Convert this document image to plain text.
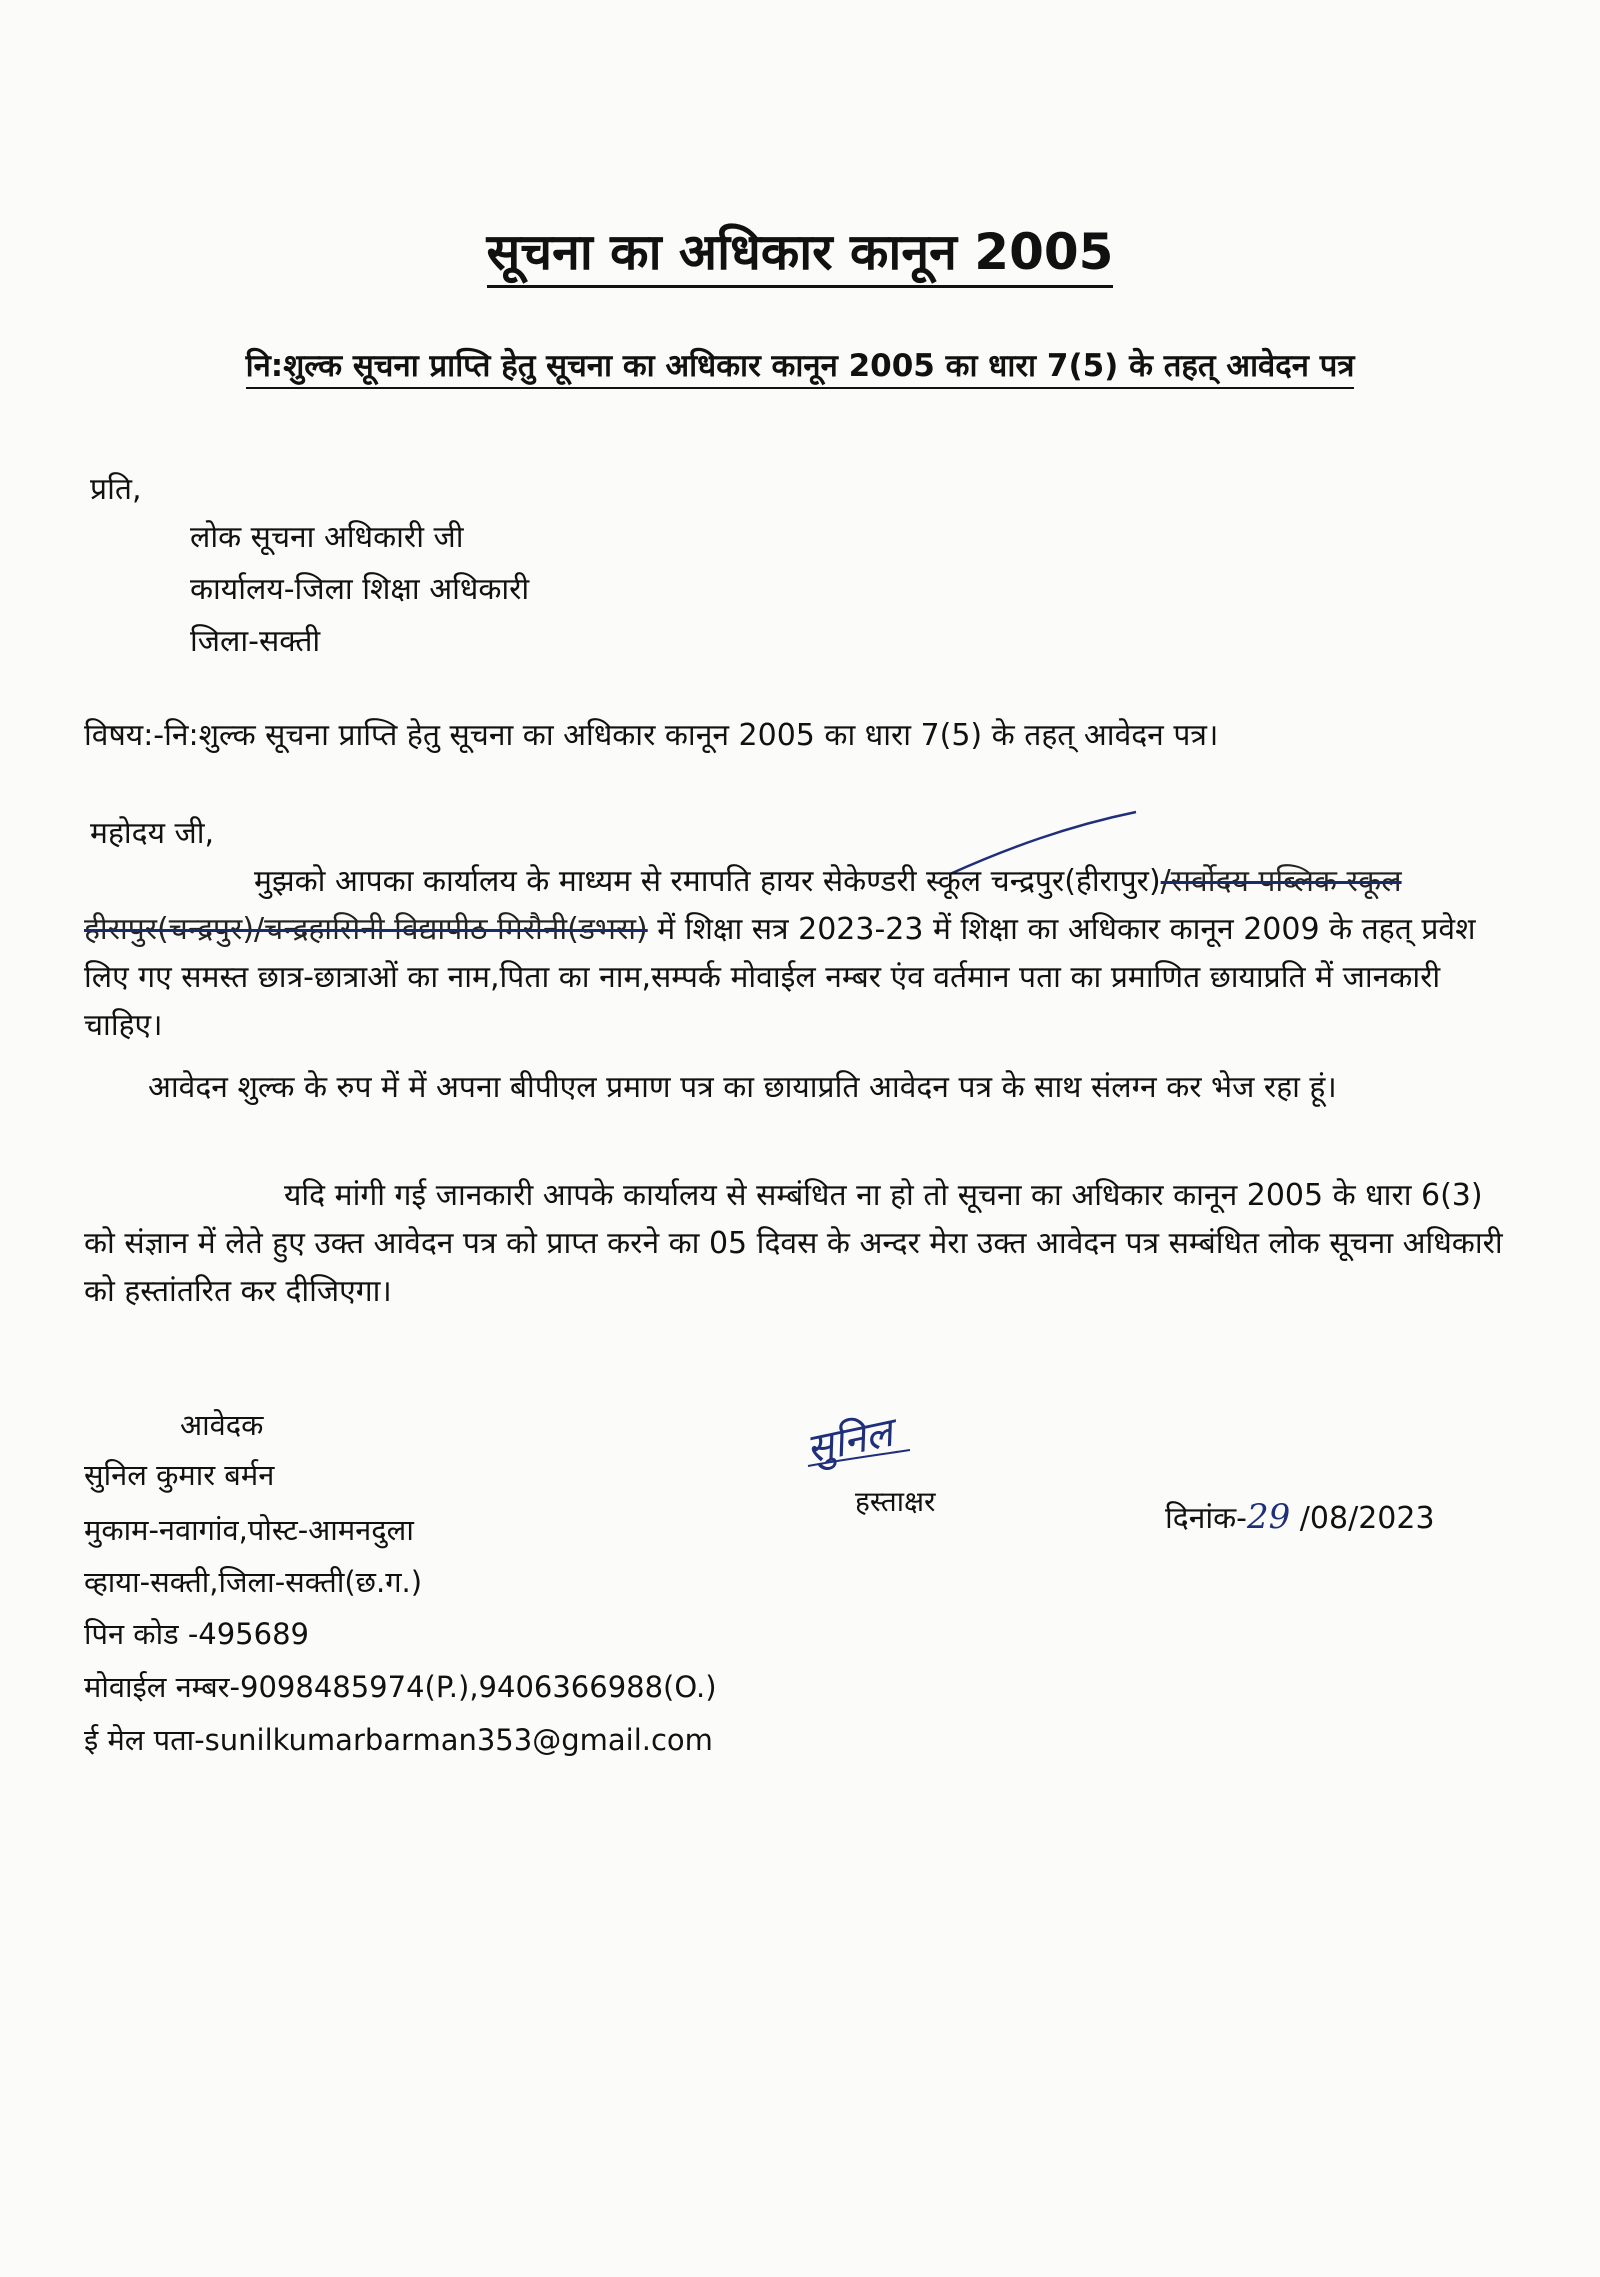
सूचना का अधिकार कानून 2005
नि:शुल्क सूचना प्राप्ति हेतु सूचना का अधिकार कानून 2005 का धारा 7(5) के तहत् आवेदन पत्र
प्रति,
लोक सूचना अधिकारी जी
कार्यालय-जिला शिक्षा अधिकारी
जिला-सक्ती
विषय:-नि:शुल्क सूचना प्राप्ति हेतु सूचना का अधिकार कानून 2005 का धारा 7(5) के तहत् आवेदन पत्र।
महोदय जी,

मुझको आपका कार्यालय के माध्यम से रमापति हायर सेकेण्डरी स्कूल चन्द्रपुर(हीरापुर)/सर्वोदय पब्लिक स्कूल हीरापुर(चन्द्रपुर)/चन्द्रहासिनी विद्यापीठ मिरौनी(डभरा) में शिक्षा सत्र 2023-23 में शिक्षा का अधिकार कानून 2009 के तहत् प्रवेश लिए गए समस्त छात्र-छात्राओं का नाम,पिता का नाम,सम्पर्क मोवाईल नम्बर एंव वर्तमान पता का प्रमाणित छायाप्रति में जानकारी चाहिए।

आवेदन शुल्क के रुप में में अपना बीपीएल प्रमाण पत्र का छायाप्रति आवेदन पत्र के साथ संलग्न कर भेज रहा हूं।

यदि मांगी गई जानकारी आपके कार्यालय से सम्बंधित ना हो तो सूचना का अधिकार कानून 2005 के धारा 6(3) को संज्ञान में लेते हुए उक्त आवेदन पत्र को प्राप्त करने का 05 दिवस के अन्दर मेरा उक्त आवेदन पत्र सम्बंधित लोक सूचना अधिकारी को हस्तांतरित कर दीजिएगा।

आवेदक
सुनिल कुमार बर्मन
मुकाम-नवागांव,पोस्ट-आमनदुला
व्हाया-सक्ती,जिला-सक्ती(छ.ग.)
पिन कोड -495689
मोवाईल नम्बर-9098485974(P.),9406366988(O.)
ई मेल पता-sunilkumarbarman353@gmail.com
सुनिल
हस्ताक्षर	दिनांक-29 /08/2023
